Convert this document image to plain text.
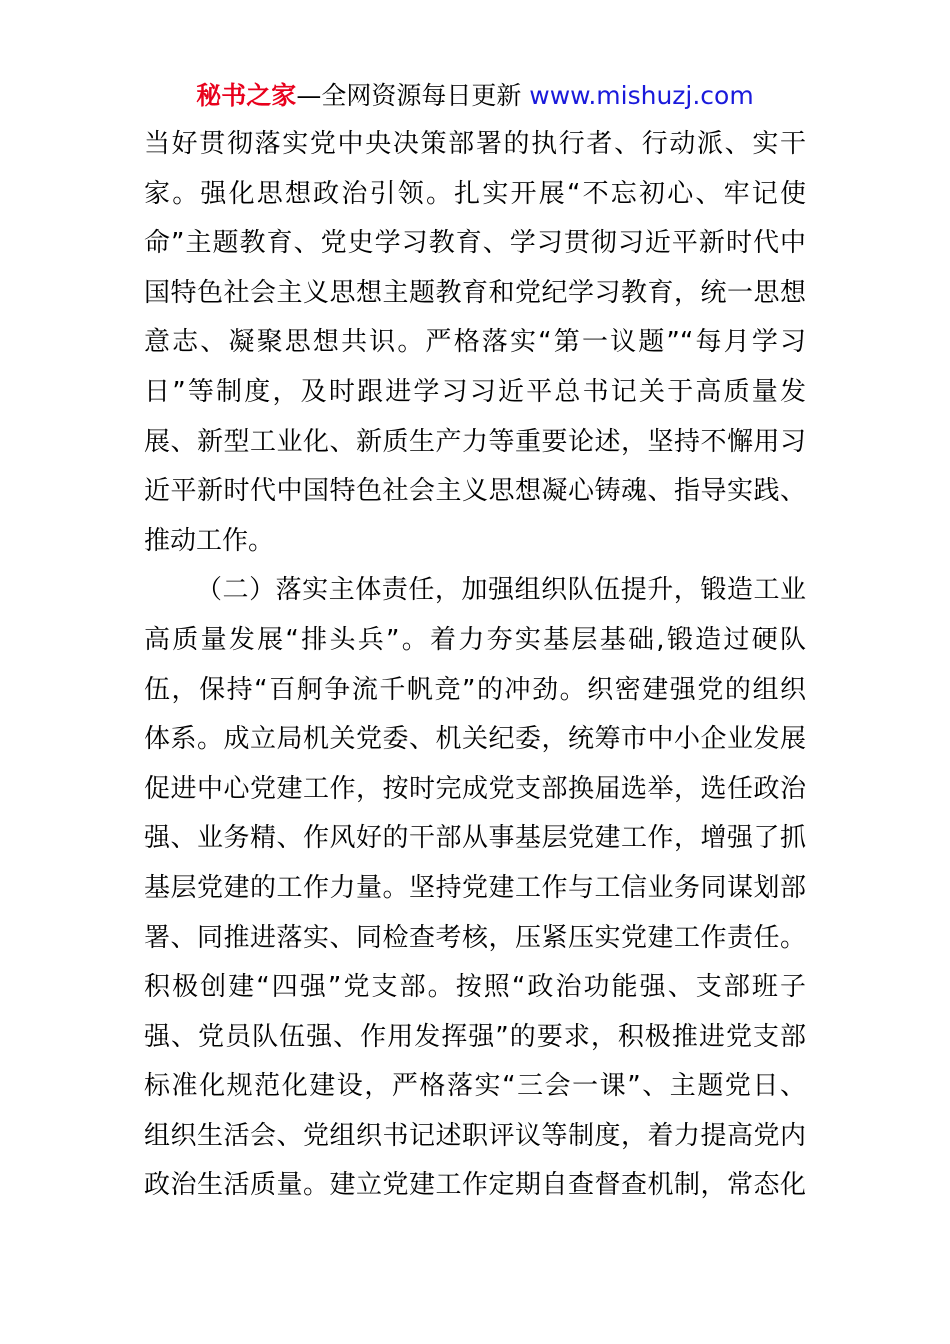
秘书之家—全网资源每日更新 www.mishuzj.com
当好贯彻落实党中央决策部署的执行者、行动派、实干
家。强化思想政治引领。扎实开展“不忘初心、牢记使
命”主题教育、党史学习教育、学习贯彻习近平新时代中
国特色社会主义思想主题教育和党纪学习教育，统一思想
意志、凝聚思想共识。严格落实“第一议题”“每月学习
日”等制度，及时跟进学习习近平总书记关于高质量发
展、新型工业化、新质生产力等重要论述，坚持不懈用习
近平新时代中国特色社会主义思想凝心铸魂、指导实践、
推动工作。
（二）落实主体责任，加强组织队伍提升，锻造工业
高质量发展“排头兵”。着力夯实基层基础,锻造过硬队
伍，保持“百舸争流千帆竞”的冲劲。织密建强党的组织
体系。成立局机关党委、机关纪委，统筹市中小企业发展
促进中心党建工作，按时完成党支部换届选举，选任政治
强、业务精、作风好的干部从事基层党建工作，增强了抓
基层党建的工作力量。坚持党建工作与工信业务同谋划部
署、同推进落实、同检查考核，压紧压实党建工作责任。
积极创建“四强”党支部。按照“政治功能强、支部班子
强、党员队伍强、作用发挥强”的要求，积极推进党支部
标准化规范化建设，严格落实“三会一课”、主题党日、
组织生活会、党组织书记述职评议等制度，着力提高党内
政治生活质量。建立党建工作定期自查督查机制，常态化
